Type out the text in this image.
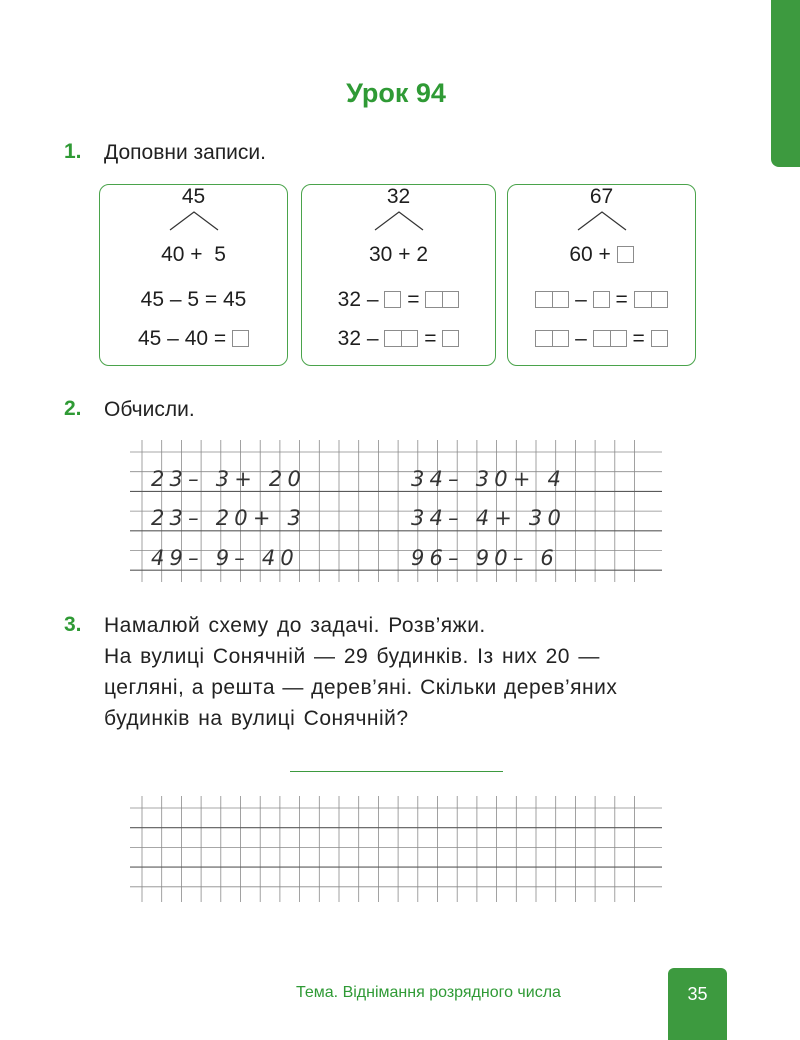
Урок 94
1. Доповни записи.
45
40 + 5
45 – 5 = 45
45 – 40 =
32
30 + 2
32 –  =
32 –  =
67
60 +
–  =
–  =
2. Обчисли.
23– 3+ 20
23– 20+ 3
49– 9– 40
34– 30+ 4
34– 4+ 30
96– 90– 6
3. Намалюй схему до задачі. Розв’яжи.
На вулиці Сонячній — 29 будинків. Із них 20 —
цегляні, а решта — дерев’яні. Скільки дерев’яних
будинків на вулиці Сонячній?
Тема. Віднімання розрядного числа	35
